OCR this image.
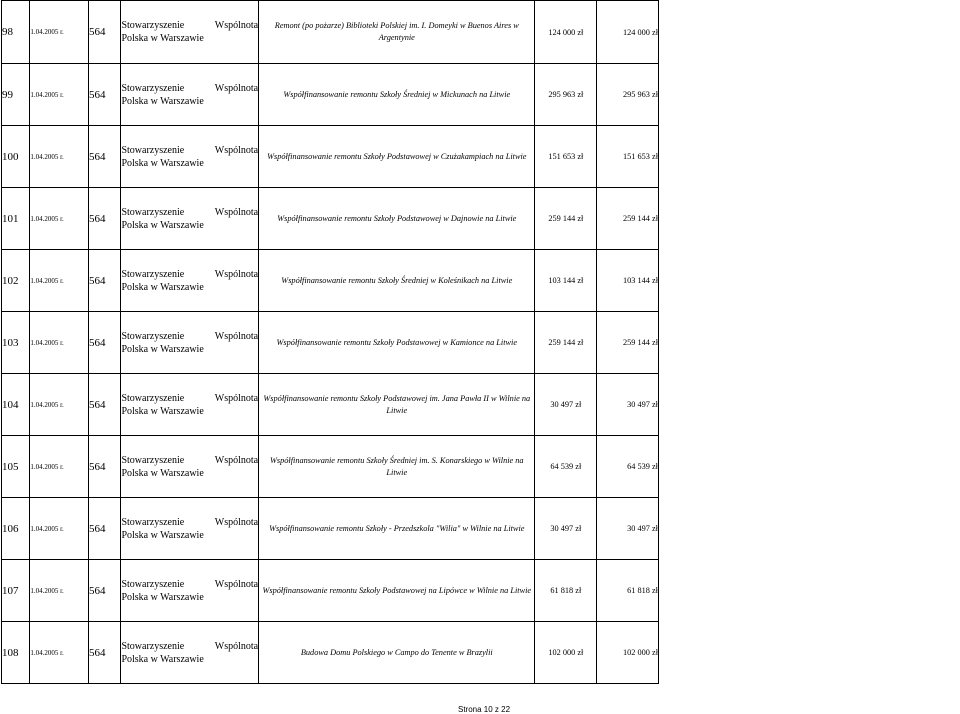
98	1.04.2005 r.	564	Stowarzyszenie Wspólnota Polska w Warszawie	Remont (po pożarze) Biblioteki Polskiej im. I. Domeyki w Buenos Aires w Argentynie	124 000 zł	124 000 zł
99	1.04.2005 r.	564	Stowarzyszenie Wspólnota Polska w Warszawie	Współfinansowanie remontu Szkoły Średniej w Mickunach na Litwie	295 963 zł	295 963 zł
100	1.04.2005 r.	564	Stowarzyszenie Wspólnota Polska w Warszawie	Współfinansowanie remontu Szkoły Podstawowej w Czużakampiach na Litwie	151 653 zł	151 653 zł
101	1.04.2005 r.	564	Stowarzyszenie Wspólnota Polska w Warszawie	Współfinansowanie remontu Szkoły Podstawowej w Dajnowie na Litwie	259 144 zł	259 144 zł
102	1.04.2005 r.	564	Stowarzyszenie Wspólnota Polska w Warszawie	Współfinansowanie remontu Szkoły Średniej w Koleśnikach na Litwie	103 144 zł	103 144 zł
103	1.04.2005 r.	564	Stowarzyszenie Wspólnota Polska w Warszawie	Współfinansowanie remontu Szkoły Podstawowej w Kamionce na Litwie	259 144 zł	259 144 zł
104	1.04.2005 r.	564	Stowarzyszenie Wspólnota Polska w Warszawie	Współfinansowanie remontu Szkoły Podstawowej im. Jana Pawła II w Wilnie na Litwie	30 497 zł	30 497 zł
105	1.04.2005 r.	564	Stowarzyszenie Wspólnota Polska w Warszawie	Współfinansowanie remontu Szkoły Średniej im. S. Konarskiego w Wilnie na Litwie	64 539 zł	64 539 zł
106	1.04.2005 r.	564	Stowarzyszenie Wspólnota Polska w Warszawie	Współfinansowanie remontu Szkoły - Przedszkola "Wilia" w Wilnie na Litwie	30 497 zł	30 497 zł
107	1.04.2005 r.	564	Stowarzyszenie Wspólnota Polska w Warszawie	Współfinansowanie remontu Szkoły Podstawowej na Lipówce w Wilnie na Litwie	61 818 zł	61 818 zł
108	1.04.2005 r.	564	Stowarzyszenie Wspólnota Polska w Warszawie	Budowa Domu Polskiego w Campo do Tenente w Brazylii	102 000 zł	102 000 zł
Strona 10 z 22
